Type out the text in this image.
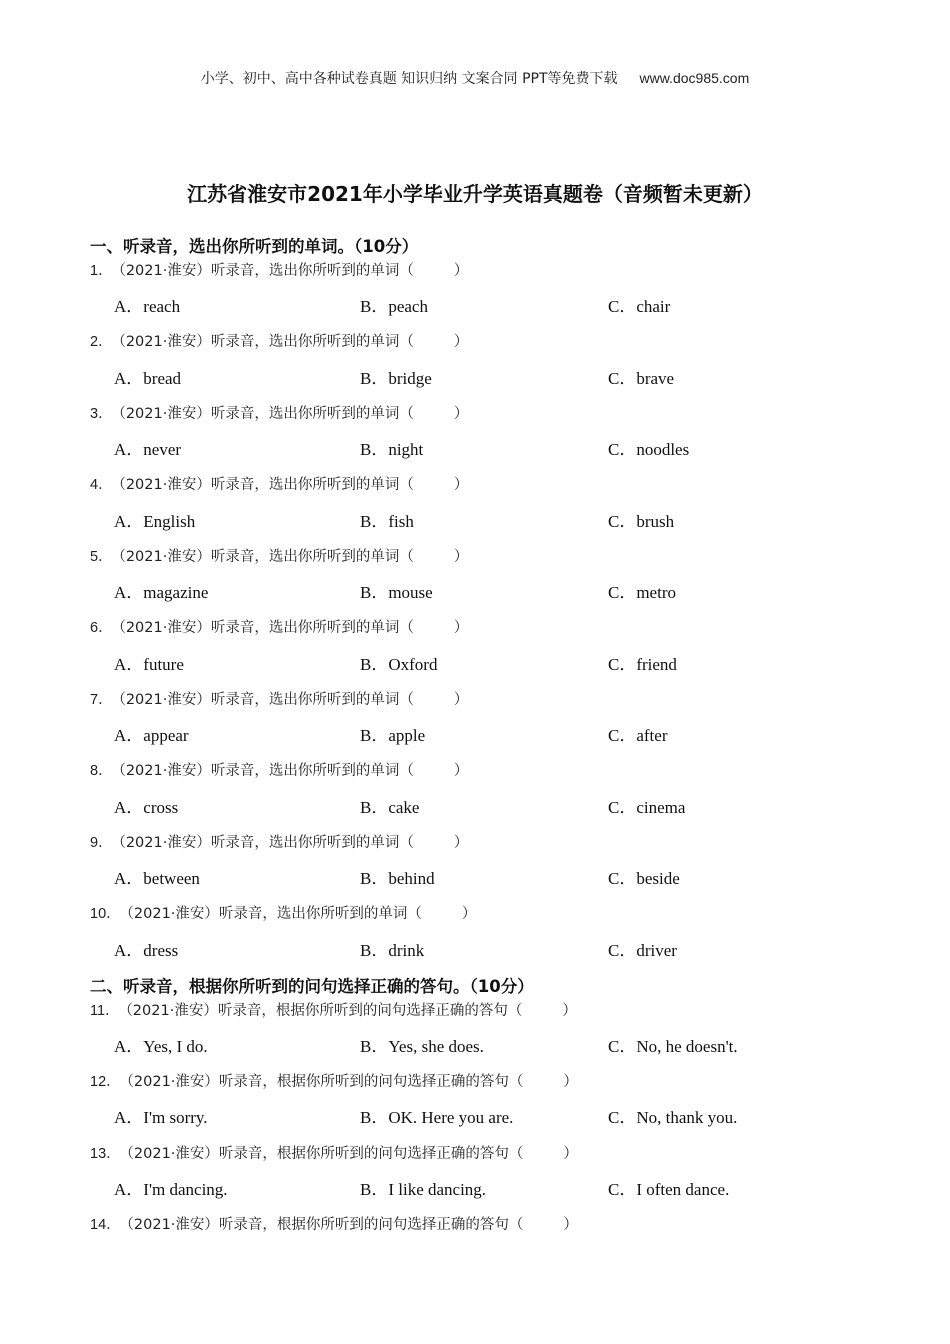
小学、初中、高中各种试卷真题 知识归纳 文案合同 PPT等免费下载 www.doc985.com
江苏省淮安市2021年小学毕业升学英语真题卷（音频暂未更新）
一、听录音，选出你所听到的单词。（10分）
二、听录音，根据你所听到的问句选择正确的答句。（10分）
1． （2021·淮安）听录音，选出你所听到的单词（	）
A．reach	B．peach	C．chair
2． （2021·淮安）听录音，选出你所听到的单词（	）
A．bread	B．bridge	C．brave
3． （2021·淮安）听录音，选出你所听到的单词（	）
A．never	B．night	C．noodles
4． （2021·淮安）听录音，选出你所听到的单词（	）
A．English	B．fish	C．brush
5． （2021·淮安）听录音，选出你所听到的单词（	）
A．magazine	B．mouse	C．metro
6． （2021·淮安）听录音，选出你所听到的单词（	）
A．future	B．Oxford	C．friend
7． （2021·淮安）听录音，选出你所听到的单词（	）
A．appear	B．apple	C．after
8． （2021·淮安）听录音，选出你所听到的单词（	）
A．cross	B．cake	C．cinema
9． （2021·淮安）听录音，选出你所听到的单词（	）
A．between	B．behind	C．beside
10． （2021·淮安）听录音，选出你所听到的单词（	）
A．dress	B．drink	C．driver
11． （2021·淮安）听录音，根据你所听到的问句选择正确的答句（	）
A．Yes, I do.	B．Yes, she does.	C．No, he doesn't.
12． （2021·淮安）听录音，根据你所听到的问句选择正确的答句（	）
A．I'm sorry.	B．OK. Here you are.	C．No, thank you.
13． （2021·淮安）听录音，根据你所听到的问句选择正确的答句（	）
A．I'm dancing.	B．I like dancing.	C．I often dance.
14． （2021·淮安）听录音，根据你所听到的问句选择正确的答句（	）
